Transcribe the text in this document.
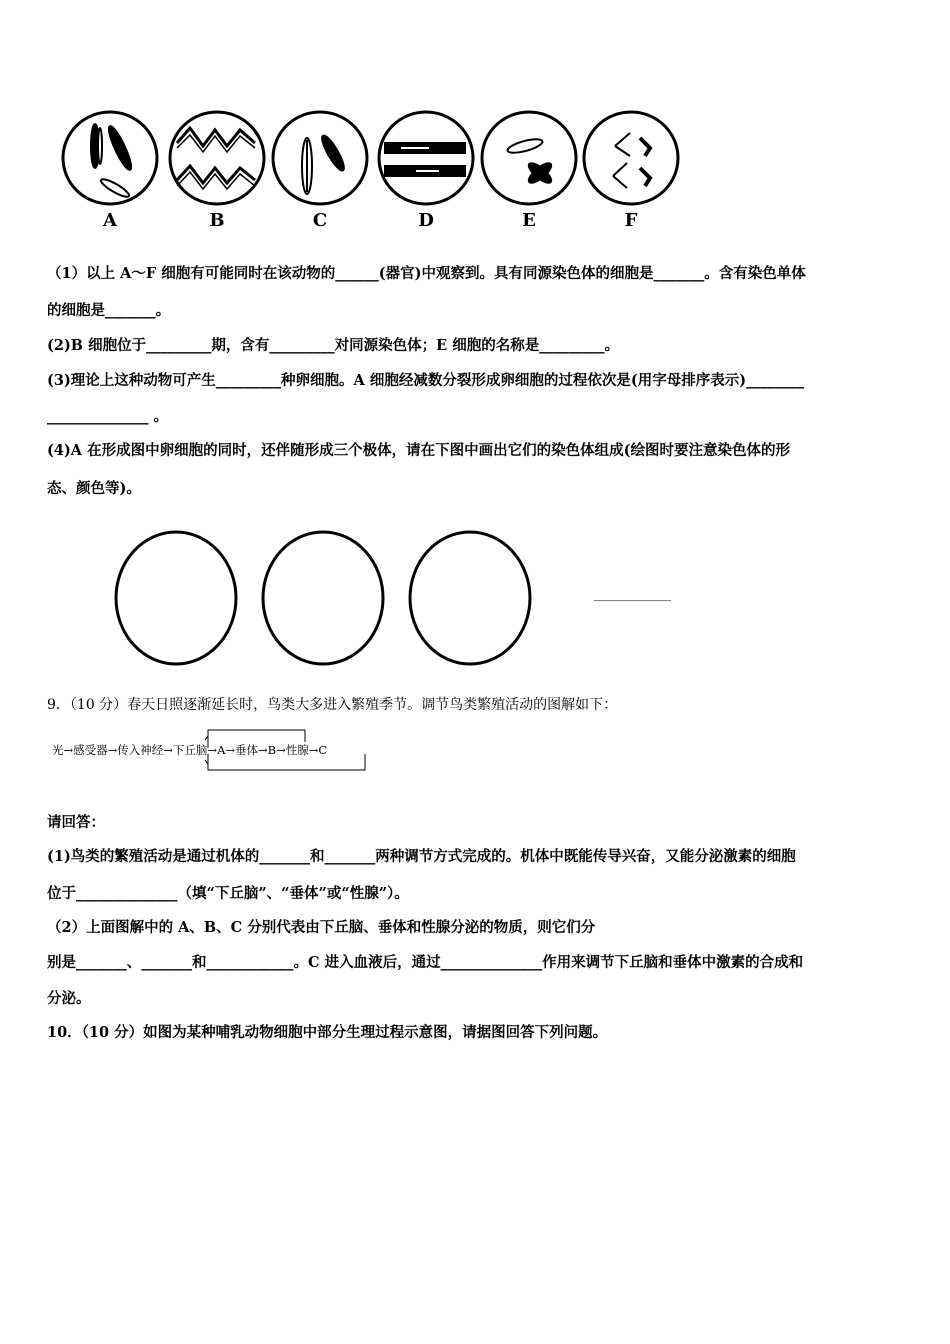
A	B	C	D	E	F
（1）以上 A～F 细胞有可能同时在该动物的______(器官)中观察到。具有同源染色体的细胞是_______。含有染色单体
的细胞是_______。
(2)B 细胞位于_________期，含有_________对同源染色体；E 细胞的名称是_________。
(3)理论上这种动物可产生_________种卵细胞。A 细胞经减数分裂形成卵细胞的过程依次是(用字母排序表示)________
______________ 。
(4)A 在形成图中卵细胞的同时，还伴随形成三个极体，请在下图中画出它们的染色体组成(绘图时要注意染色体的形
态、颜色等)。
___________
9．（10 分）春天日照逐渐延长时，鸟类大多进入繁殖季节。调节鸟类繁殖活动的图解如下：
光→感受器→传入神经→下丘脑→A→垂体→B→性腺→C
请回答：
(1)鸟类的繁殖活动是通过机体的_______和_______两种调节方式完成的。机体中既能传导兴奋，又能分泌激素的细胞
位于______________（填“下丘脑”、“垂体”或“性腺”）。
（2）上面图解中的 A、B、C 分别代表由下丘脑、垂体和性腺分泌的物质，则它们分
别是_______、_______和____________。C 进入血液后，通过______________作用来调节下丘脑和垂体中激素的合成和
分泌。
10．（10 分）如图为某种哺乳动物细胞中部分生理过程示意图，请据图回答下列问题。
